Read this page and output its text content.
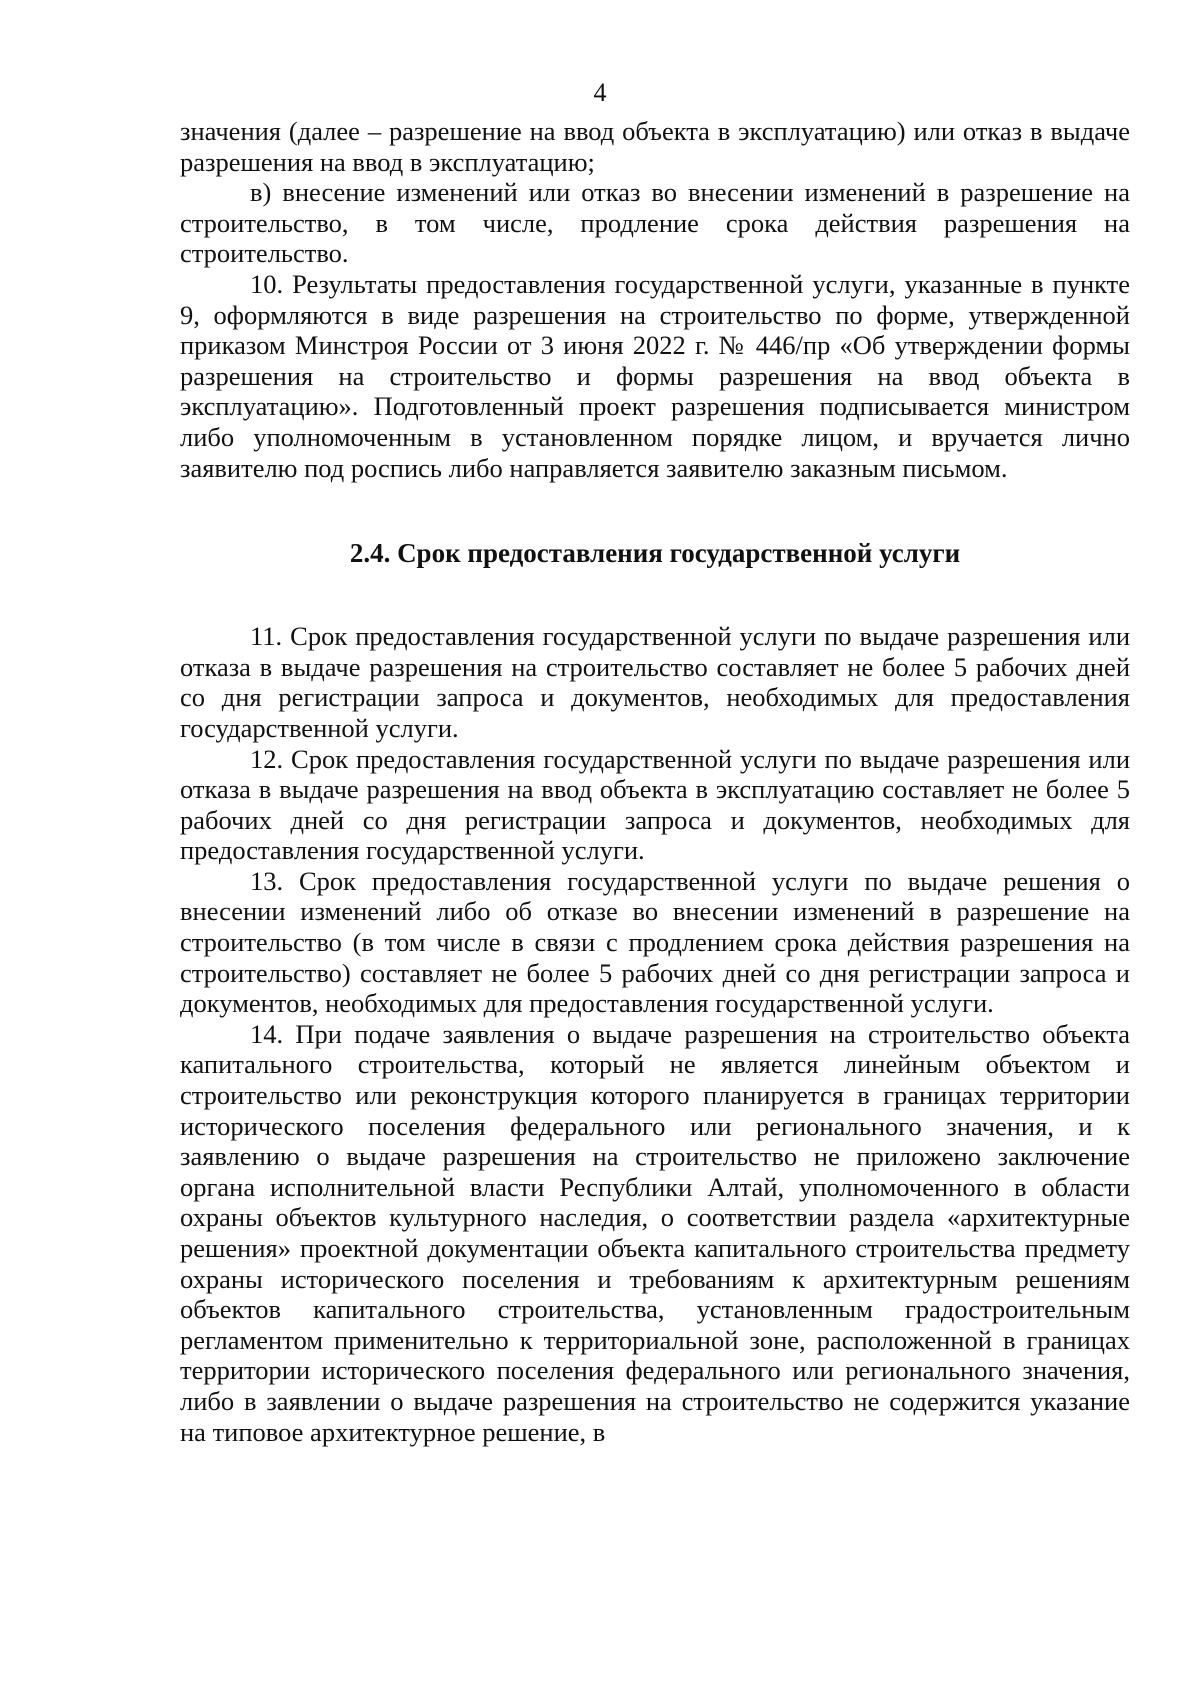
4

значения (далее – разрешение на ввод объекта в эксплуатацию) или отказ в выдаче разрешения на ввод в эксплуатацию;

в) внесение изменений или отказ во внесении изменений в разрешение на строительство, в том числе, продление срока действия разрешения на строительство.

10. Результаты предоставления государственной услуги, указанные в пункте 9, оформляются в виде разрешения на строительство по форме, утвержденной приказом Минстроя России от 3 июня 2022 г. № 446/пр «Об утверждении формы разрешения на строительство и формы разрешения на ввод объекта в эксплуатацию». Подготовленный проект разрешения подписывается министром либо уполномоченным в установленном порядке лицом, и вручается лично заявителю под роспись либо направляется заявителю заказным письмом.

2.4. Срок предоставления государственной услуги

11. Срок предоставления государственной услуги по выдаче разрешения или отказа в выдаче разрешения на строительство составляет не более 5 рабочих дней со дня регистрации запроса и документов, необходимых для предоставления государственной услуги.

12. Срок предоставления государственной услуги по выдаче разрешения или отказа в выдаче разрешения на ввод объекта в эксплуатацию составляет не более 5 рабочих дней со дня регистрации запроса и документов, необходимых для предоставления государственной услуги.

13. Срок предоставления государственной услуги по выдаче решения о внесении изменений либо об отказе во внесении изменений в разрешение на строительство (в том числе в связи с продлением срока действия разрешения на строительство) составляет не более 5 рабочих дней со дня регистрации запроса и документов, необходимых для предоставления государственной услуги.

14. При подаче заявления о выдаче разрешения на строительство объекта капитального строительства, который не является линейным объектом и строительство или реконструкция которого планируется в границах территории исторического поселения федерального или регионального значения, и к заявлению о выдаче разрешения на строительство не приложено заключение органа исполнительной власти Республики Алтай, уполномоченного в области охраны объектов культурного наследия, о соответствии раздела «архитектурные решения» проектной документации объекта капитального строительства предмету охраны исторического поселения и требованиям к архитектурным решениям объектов капитального строительства, установленным градостроительным регламентом применительно к территориальной зоне, расположенной в границах территории исторического поселения федерального или регионального значения, либо в заявлении о выдаче разрешения на строительство не содержится указание на типовое архитектурное решение, в
